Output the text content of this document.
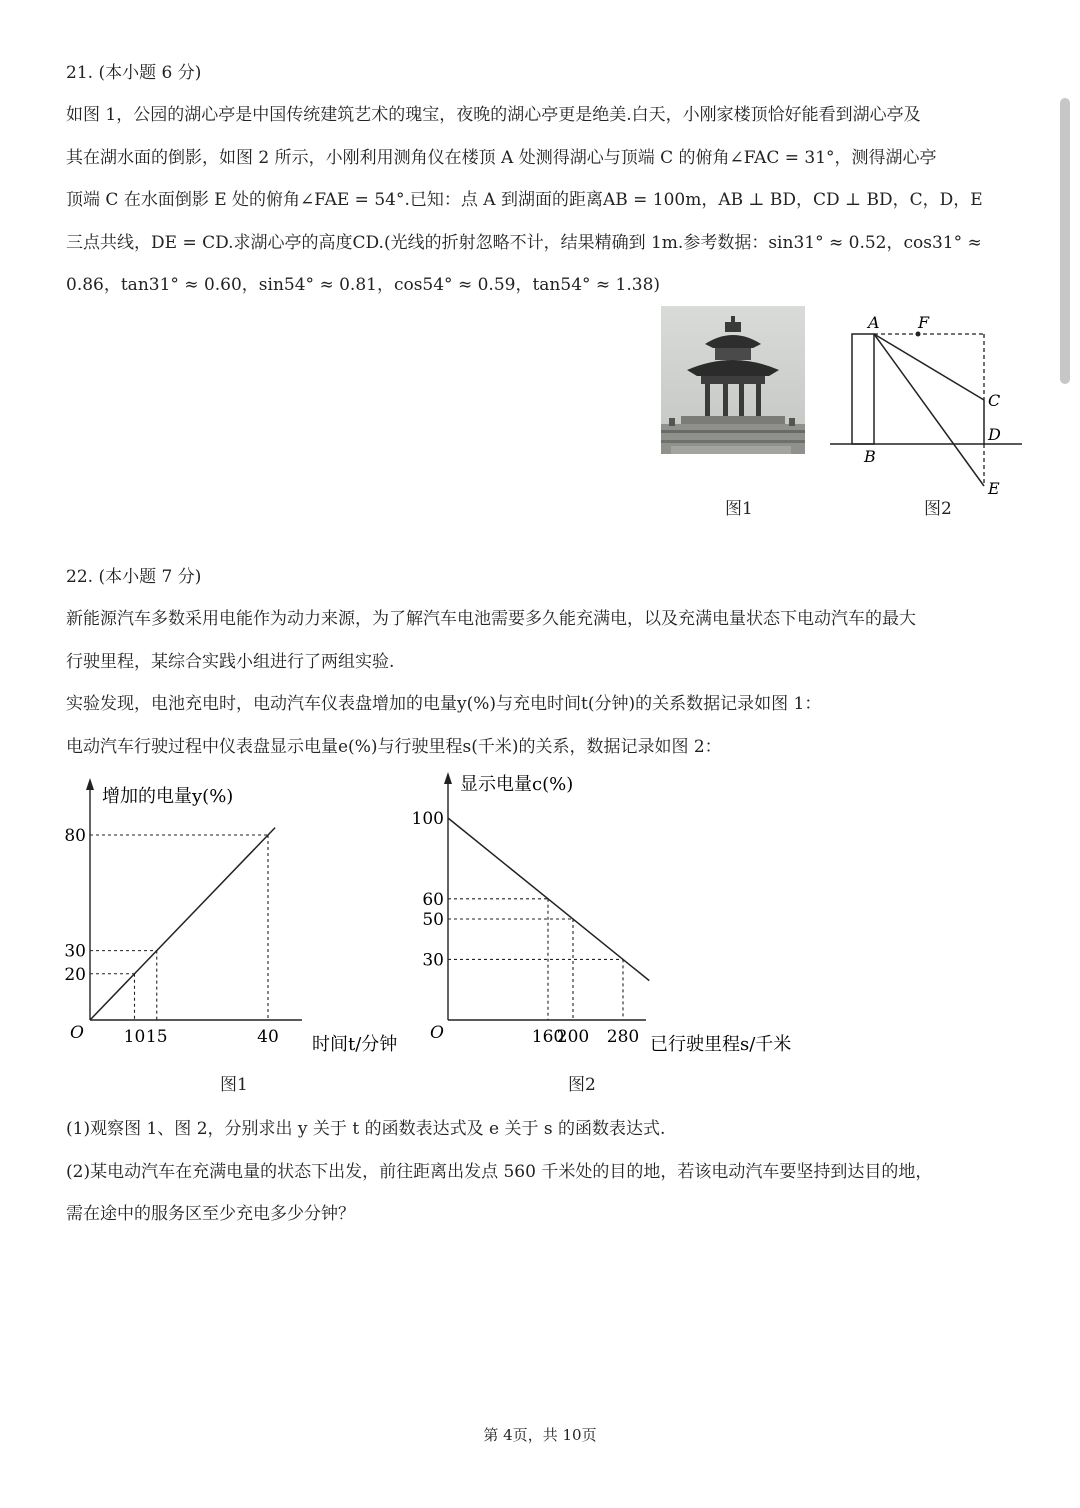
21. (本小题 6 分)
如图 1，公园的湖心亭是中国传统建筑艺术的瑰宝，夜晚的湖心亭更是绝美.白天，小刚家楼顶恰好能看到湖心亭及
其在湖水面的倒影，如图 2 所示，小刚利用测角仪在楼顶 A 处测得湖心与顶端 C 的俯角∠FAC = 31°，测得湖心亭
顶端 C 在水面倒影 E 处的俯角∠FAE = 54°.已知：点 A 到湖面的距离AB = 100m，AB ⊥ BD，CD ⊥ BD，C，D，E
三点共线，DE = CD.求湖心亭的高度CD.(光线的折射忽略不计，结果精确到 1m.参考数据：sin31° ≈ 0.52，cos31° ≈
0.86，tan31° ≈ 0.60，sin54° ≈ 0.81，cos54° ≈ 0.59，tan54° ≈ 1.38)
图1
A F
B
C
D
E
图2
22. (本小题 7 分)
新能源汽车多数采用电能作为动力来源，为了解汽车电池需要多久能充满电，以及充满电量状态下电动汽车的最大
行驶里程，某综合实践小组进行了两组实验.
实验发现，电池充电时，电动汽车仪表盘增加的电量y(%)与充电时间t(分钟)的关系数据记录如图 1：
电动汽车行驶过程中仪表盘显示电量e(%)与行驶里程s(千米)的关系，数据记录如图 2：
10 15	40
20
30
80
增加的电量y(%)
时间t/分钟
O
图1
160
200 280
30
50
60
100
显示电量c(%)
已行驶里程s/千米
O
图2
(1)观察图 1、图 2，分别求出 y 关于 t 的函数表达式及 e 关于 s 的函数表达式.
(2)某电动汽车在充满电量的状态下出发，前往距离出发点 560 千米处的目的地，若该电动汽车要坚持到达目的地，
需在途中的服务区至少充电多少分钟？
第 4页，共 10页
